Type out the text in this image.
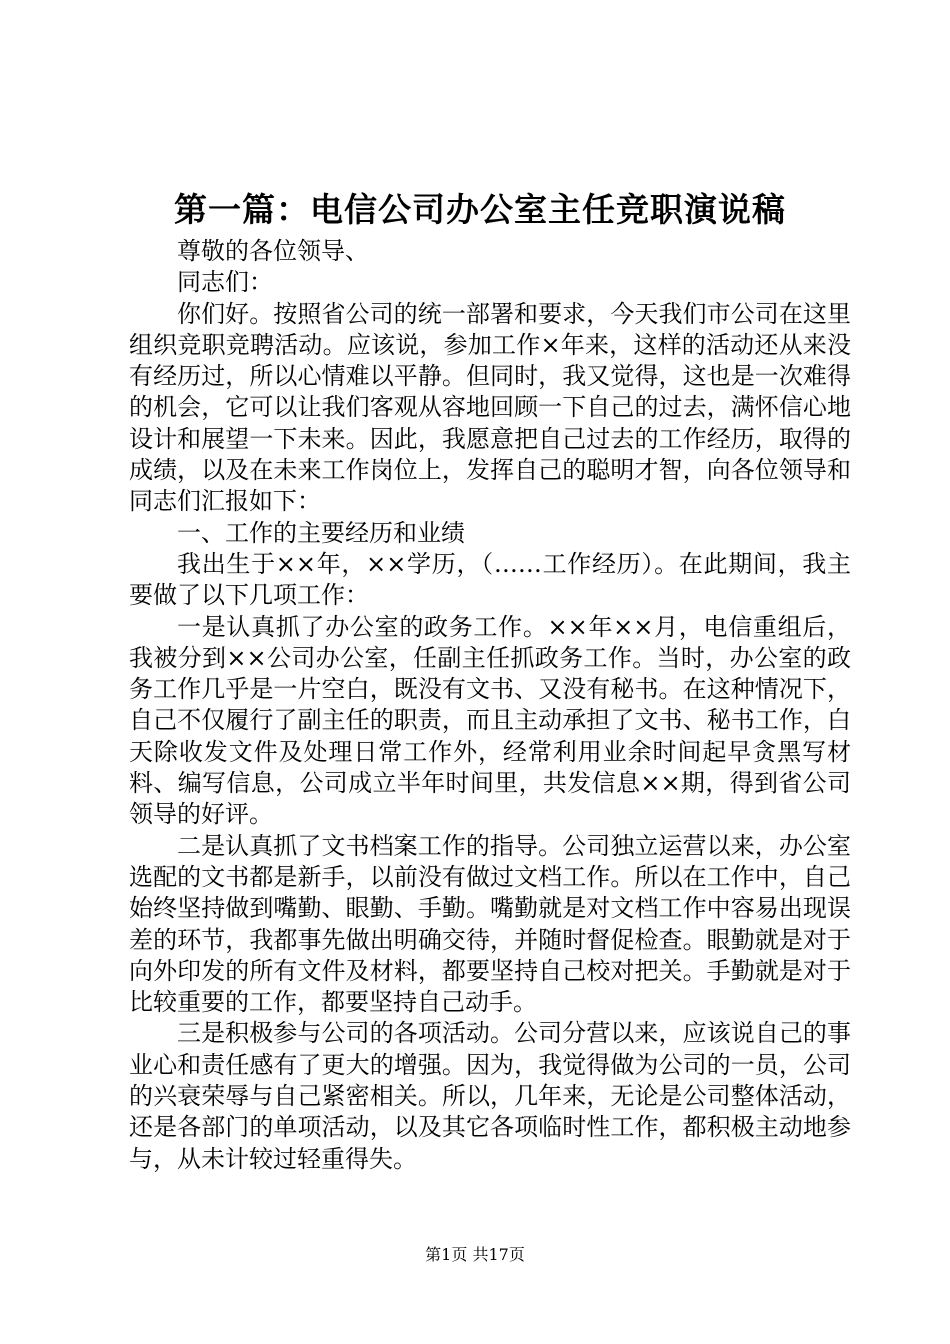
第一篇：电信公司办公室主任竞职演说稿

尊敬的各位领导、

同志们：

你们好。按照省公司的统一部署和要求，今天我们市公司在这里组织竞职竞聘活动。应该说，参加工作×年来，这样的活动还从来没有经历过，所以心情难以平静。但同时，我又觉得，这也是一次难得的机会，它可以让我们客观从容地回顾一下自己的过去，满怀信心地设计和展望一下未来。因此，我愿意把自己过去的工作经历，取得的成绩，以及在未来工作岗位上，发挥自己的聪明才智，向各位领导和同志们汇报如下：

一、工作的主要经历和业绩

我出生于××年，××学历，（……工作经历）。在此期间，我主要做了以下几项工作：

一是认真抓了办公室的政务工作。××年××月，电信重组后，我被分到××公司办公室，任副主任抓政务工作。当时，办公室的政务工作几乎是一片空白，既没有文书、又没有秘书。在这种情况下，自己不仅履行了副主任的职责，而且主动承担了文书、秘书工作，白天除收发文件及处理日常工作外，经常利用业余时间起早贪黑写材料、编写信息，公司成立半年时间里，共发信息××期，得到省公司领导的好评。

二是认真抓了文书档案工作的指导。公司独立运营以来，办公室选配的文书都是新手，以前没有做过文档工作。所以在工作中，自己始终坚持做到嘴勤、眼勤、手勤。嘴勤就是对文档工作中容易出现误差的环节，我都事先做出明确交待，并随时督促检查。眼勤就是对于向外印发的所有文件及材料，都要坚持自己校对把关。手勤就是对于比较重要的工作，都要坚持自己动手。

三是积极参与公司的各项活动。公司分营以来，应该说自己的事业心和责任感有了更大的增强。因为，我觉得做为公司的一员，公司的兴衰荣辱与自己紧密相关。所以，几年来，无论是公司整体活动，还是各部门的单项活动，以及其它各项临时性工作，都积极主动地参与，从未计较过轻重得失。

第1页 共17页
